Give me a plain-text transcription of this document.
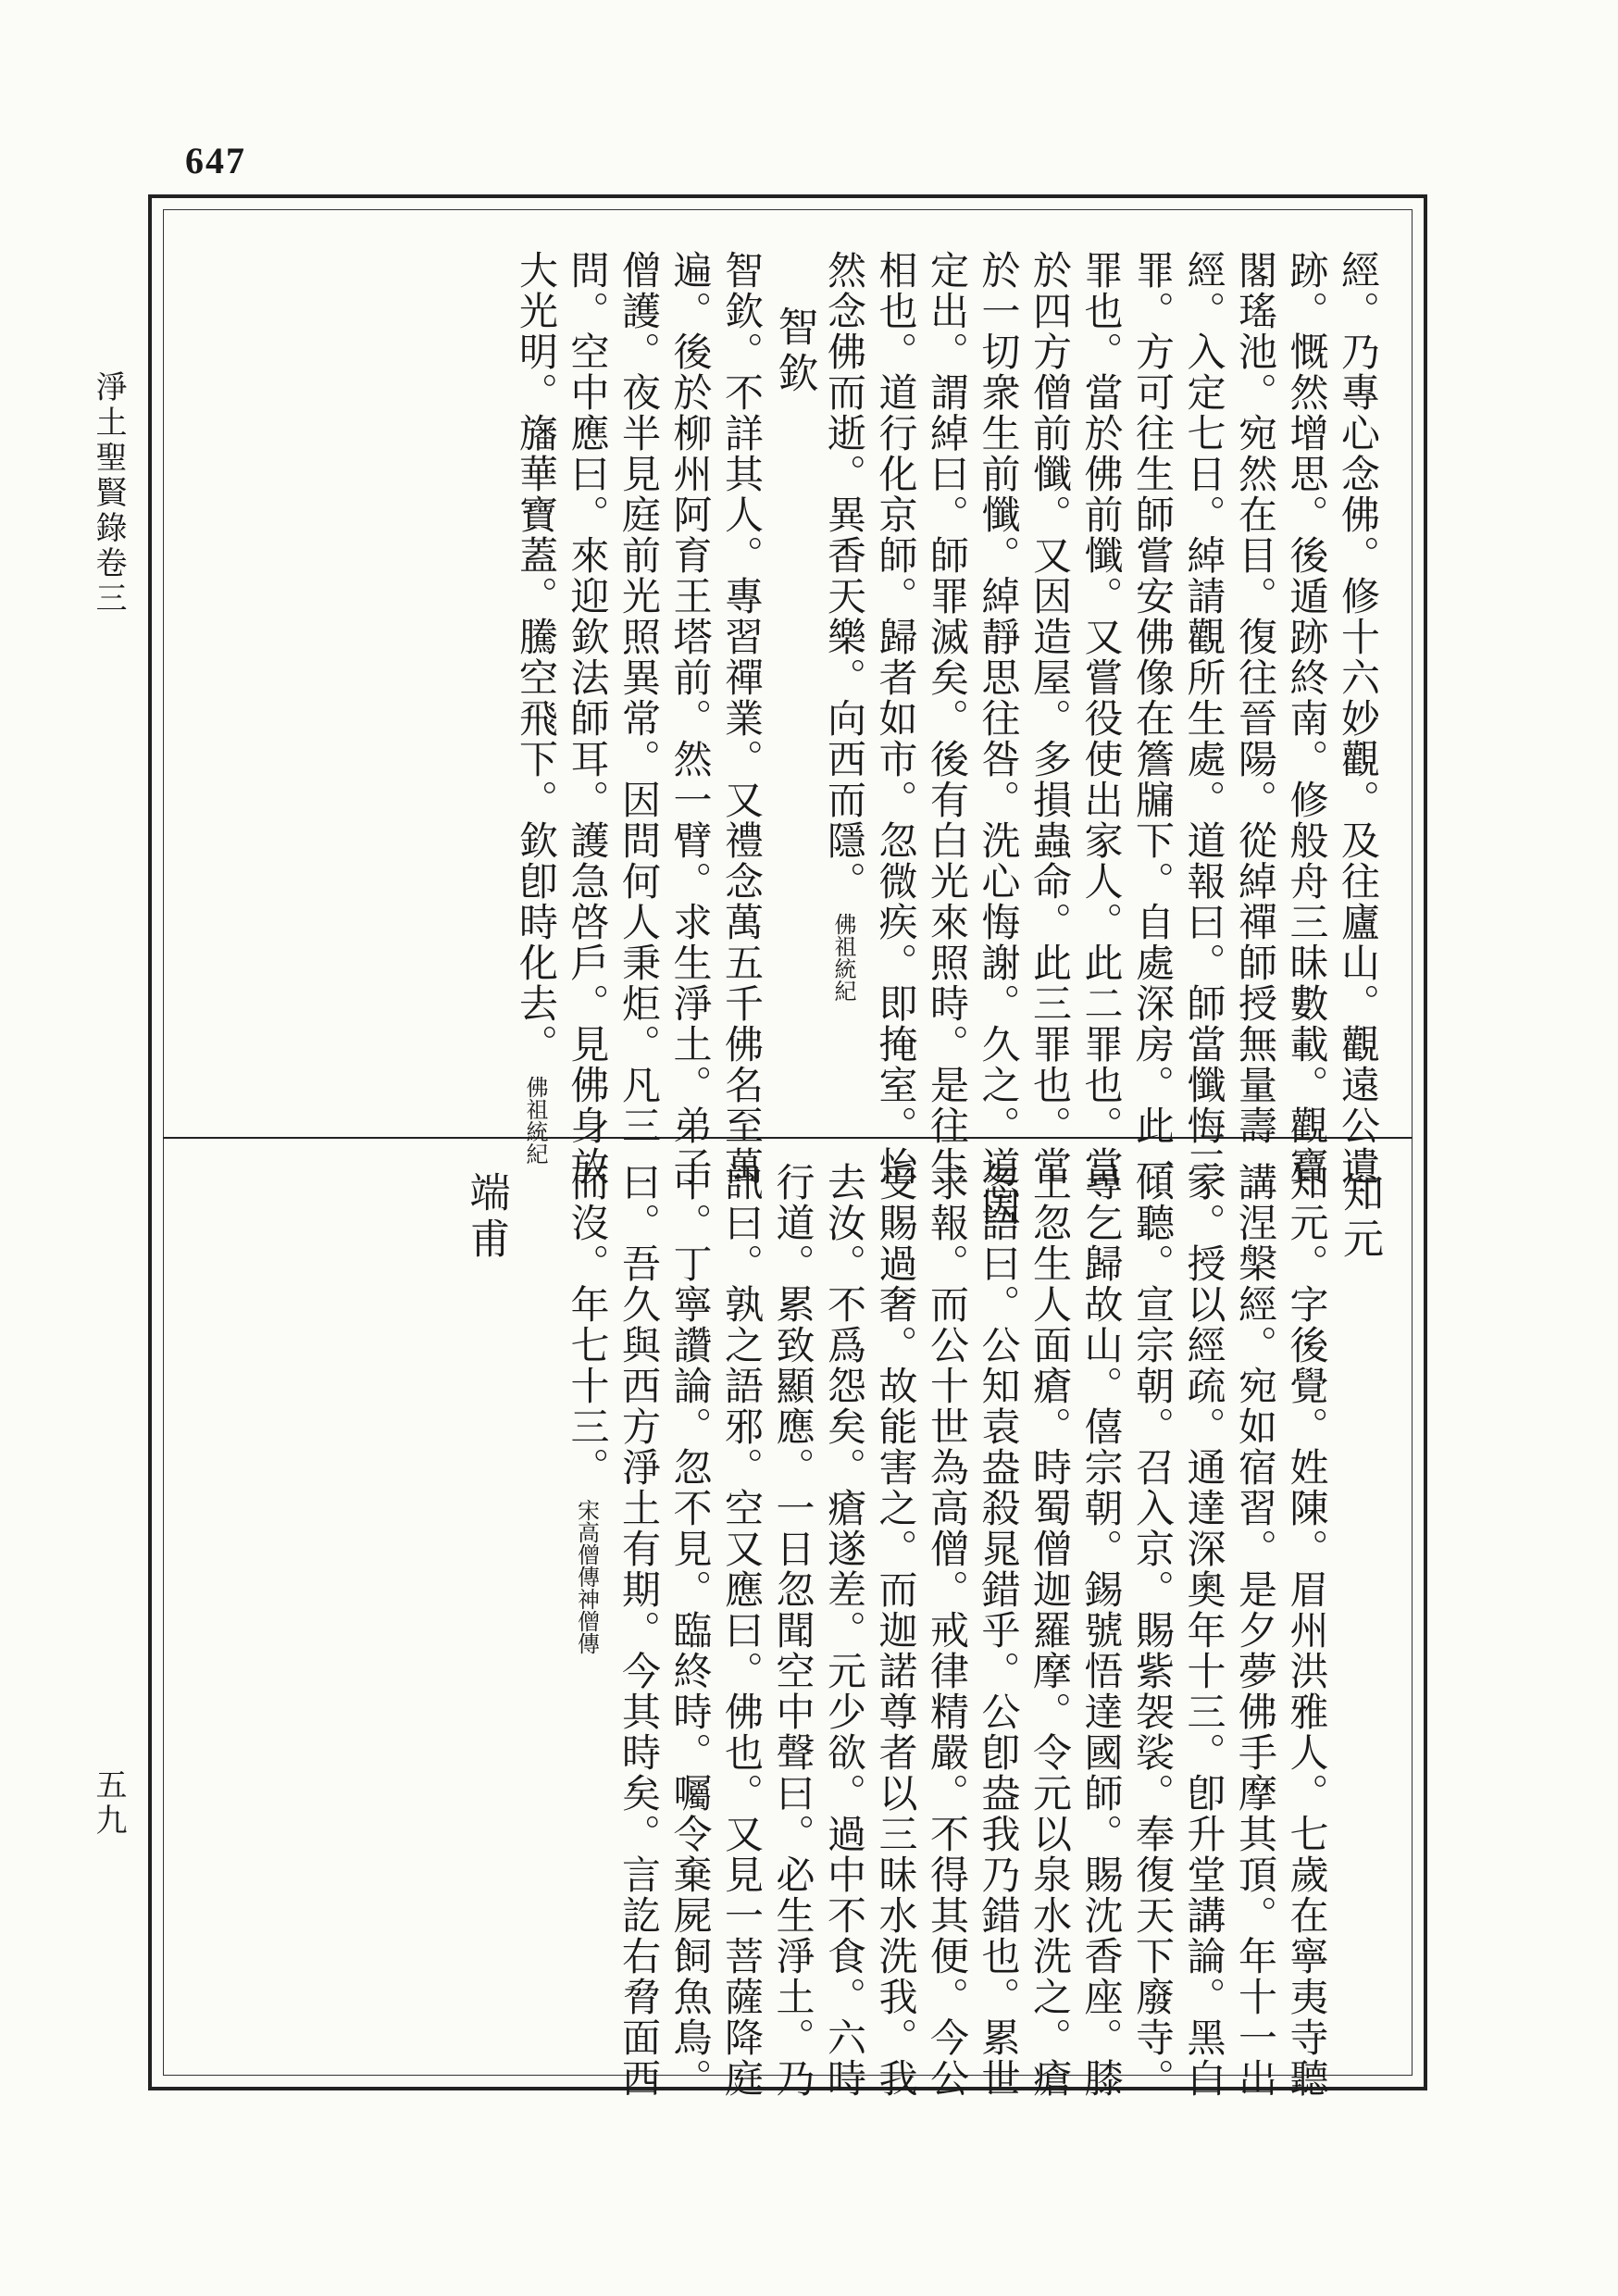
647
淨土聖賢錄卷三
五九
經。乃專心念佛。修十六妙觀。及往廬山。觀遠公遺
跡。慨然增思。後遁跡終南。修般舟三昧數載。觀寶
閣瑤池。宛然在目。復往晉陽。從綽禪師授無量壽
經。入定七日。綽請觀所生處。道報曰。師當懺悔三
罪。方可往生師嘗安佛像在簷牖下。自處深房。此一
罪也。當於佛前懺。又嘗役使出家人。此二罪也。當
於四方僧前懺。又因造屋。多損蟲命。此三罪也。當
於一切衆生前懺。綽靜思往咎。洗心悔謝。久之。道因
定出。謂綽曰。師罪滅矣。後有白光來照時。是往生
相也。道行化京師。歸者如市。忽微疾。即掩室。怡
然念佛而逝。異香天樂。向西而隱。
佛祖統紀
智欽
智欽。不詳其人。專習禪業。又禮念萬五千佛名至萬
遍。後於柳州阿育王塔前。然一臂。求生淨土。弟子
僧護。夜半見庭前光照異常。因問何人秉炬。凡三
問。空中應曰。來迎欽法師耳。護急啓戶。見佛身放
大光明。旛華寶蓋。騰空飛下。欽卽時化去。
佛祖統紀
知元
知元。字後覺。姓陳。眉州洪雅人。七歲在寧夷寺聽
講涅槃經。宛如宿習。是夕夢佛手摩其頂。年十一出
家。授以經疏。通達深奧年十三。卽升堂講論。黑白
傾聽。宣宗朝。召入京。賜紫袈裟。奉復天下廢寺。
尋乞歸故山。僖宗朝。錫號悟達國師。賜沈香座。膝
上忽生人面瘡。時蜀僧迦羅摩。令元以泉水洗之。瘡
忽語曰。公知袁盎殺晁錯乎。公卽盎我乃錯也。累世
求報。而公十世為高僧。戒律精嚴。不得其便。今公
受賜過奢。故能害之。而迦諾尊者以三昧水洗我。我
去汝。不爲怨矣。瘡遂差。元少欲。過中不食。六時
行道。累致顯應。一日忽聞空中聲曰。必生淨土。乃
訊曰。孰之語邪。空又應曰。佛也。又見一菩薩降庭
中。丁寧讚論。忽不見。臨終時。囑令棄屍飼魚鳥。
曰。吾久與西方淨土有期。今其時矣。言訖右脅面西
而沒。年七十三。
宋高僧傳神僧傳
端甫
